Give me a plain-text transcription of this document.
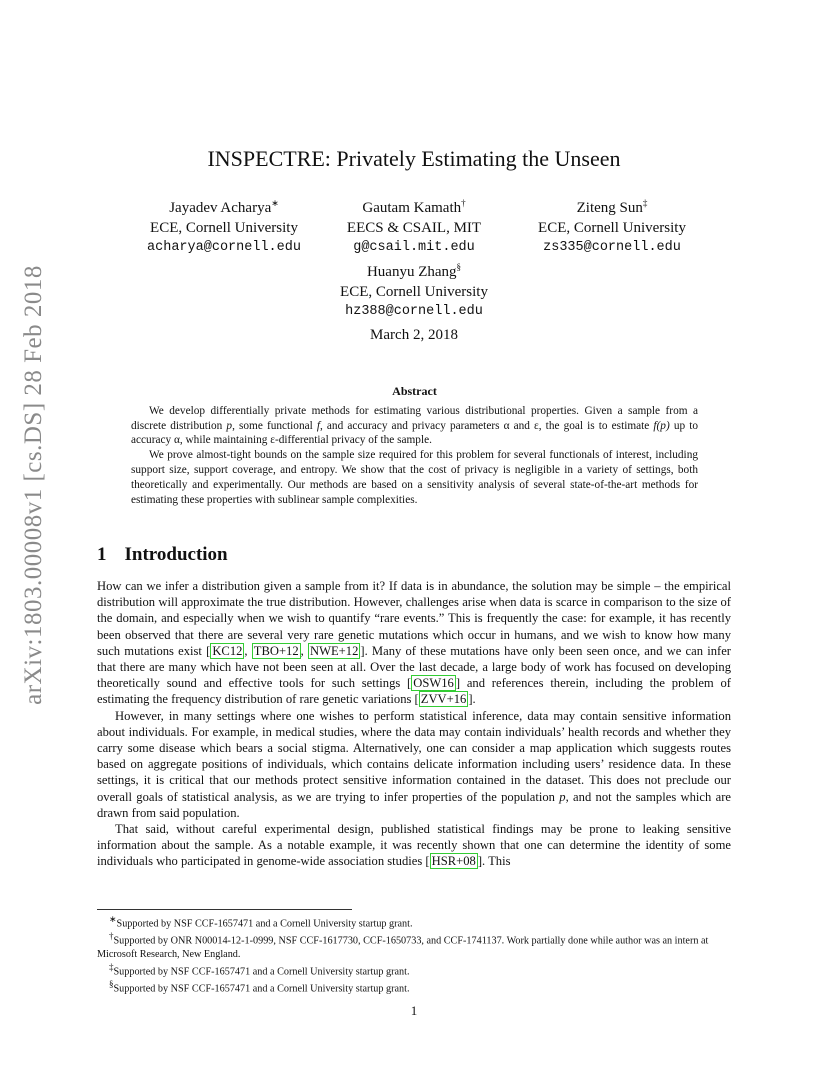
arXiv:1803.00008v1 [cs.DS] 28 Feb 2018
INSPECTRE: Privately Estimating the Unseen
Jayadev Acharya∗
ECE, Cornell University
acharya@cornell.edu
Gautam Kamath†
EECS & CSAIL, MIT
g@csail.mit.edu
Ziteng Sun‡
ECE, Cornell University
zs335@cornell.edu
Huanyu Zhang§
ECE, Cornell University
hz388@cornell.edu
March 2, 2018
Abstract

We develop differentially private methods for estimating various distributional properties. Given a sample from a discrete distribution p, some functional f, and accuracy and privacy parameters α and ε, the goal is to estimate f(p) up to accuracy α, while maintaining ε-differential privacy of the sample.

We prove almost-tight bounds on the sample size required for this problem for several functionals of interest, including support size, support coverage, and entropy. We show that the cost of privacy is negligible in a variety of settings, both theoretically and experimentally. Our methods are based on a sensitivity analysis of several state-of-the-art methods for estimating these properties with sublinear sample complexities.

1 Introduction

How can we infer a distribution given a sample from it? If data is in abundance, the solution may be simple – the empirical distribution will approximate the true distribution. However, challenges arise when data is scarce in comparison to the size of the domain, and especially when we wish to quantify “rare events.” This is frequently the case: for example, it has recently been observed that there are several very rare genetic mutations which occur in humans, and we wish to know how many such mutations exist [ KC12 , TBO+12 , NWE+12 ]. Many of these mutations have only been seen once, and we can infer that there are many which have not been seen at all. Over the last decade, a large body of work has focused on developing theoretically sound and effective tools for such settings [ OSW16 ] and references therein, including the problem of estimating the frequency distribution of rare genetic variations [ ZVV+16 ].

However, in many settings where one wishes to perform statistical inference, data may contain sensitive information about individuals. For example, in medical studies, where the data may contain individuals’ health records and whether they carry some disease which bears a social stigma. Alternatively, one can consider a map application which suggests routes based on aggregate positions of individuals, which contains delicate information including users’ residence data. In these settings, it is critical that our methods protect sensitive information contained in the dataset. This does not preclude our overall goals of statistical analysis, as we are trying to infer properties of the population p, and not the samples which are drawn from said population.

That said, without careful experimental design, published statistical findings may be prone to leaking sensitive information about the sample. As a notable example, it was recently shown that one can determine the identity of some individuals who participated in genome-wide association studies [ HSR+08 ]. This

∗Supported by NSF CCF-1657471 and a Cornell University startup grant.

†Supported by ONR N00014-12-1-0999, NSF CCF-1617730, CCF-1650733, and CCF-1741137. Work partially done while author was an intern at Microsoft Research, New England.

‡Supported by NSF CCF-1657471 and a Cornell University startup grant.

§Supported by NSF CCF-1657471 and a Cornell University startup grant.

1
